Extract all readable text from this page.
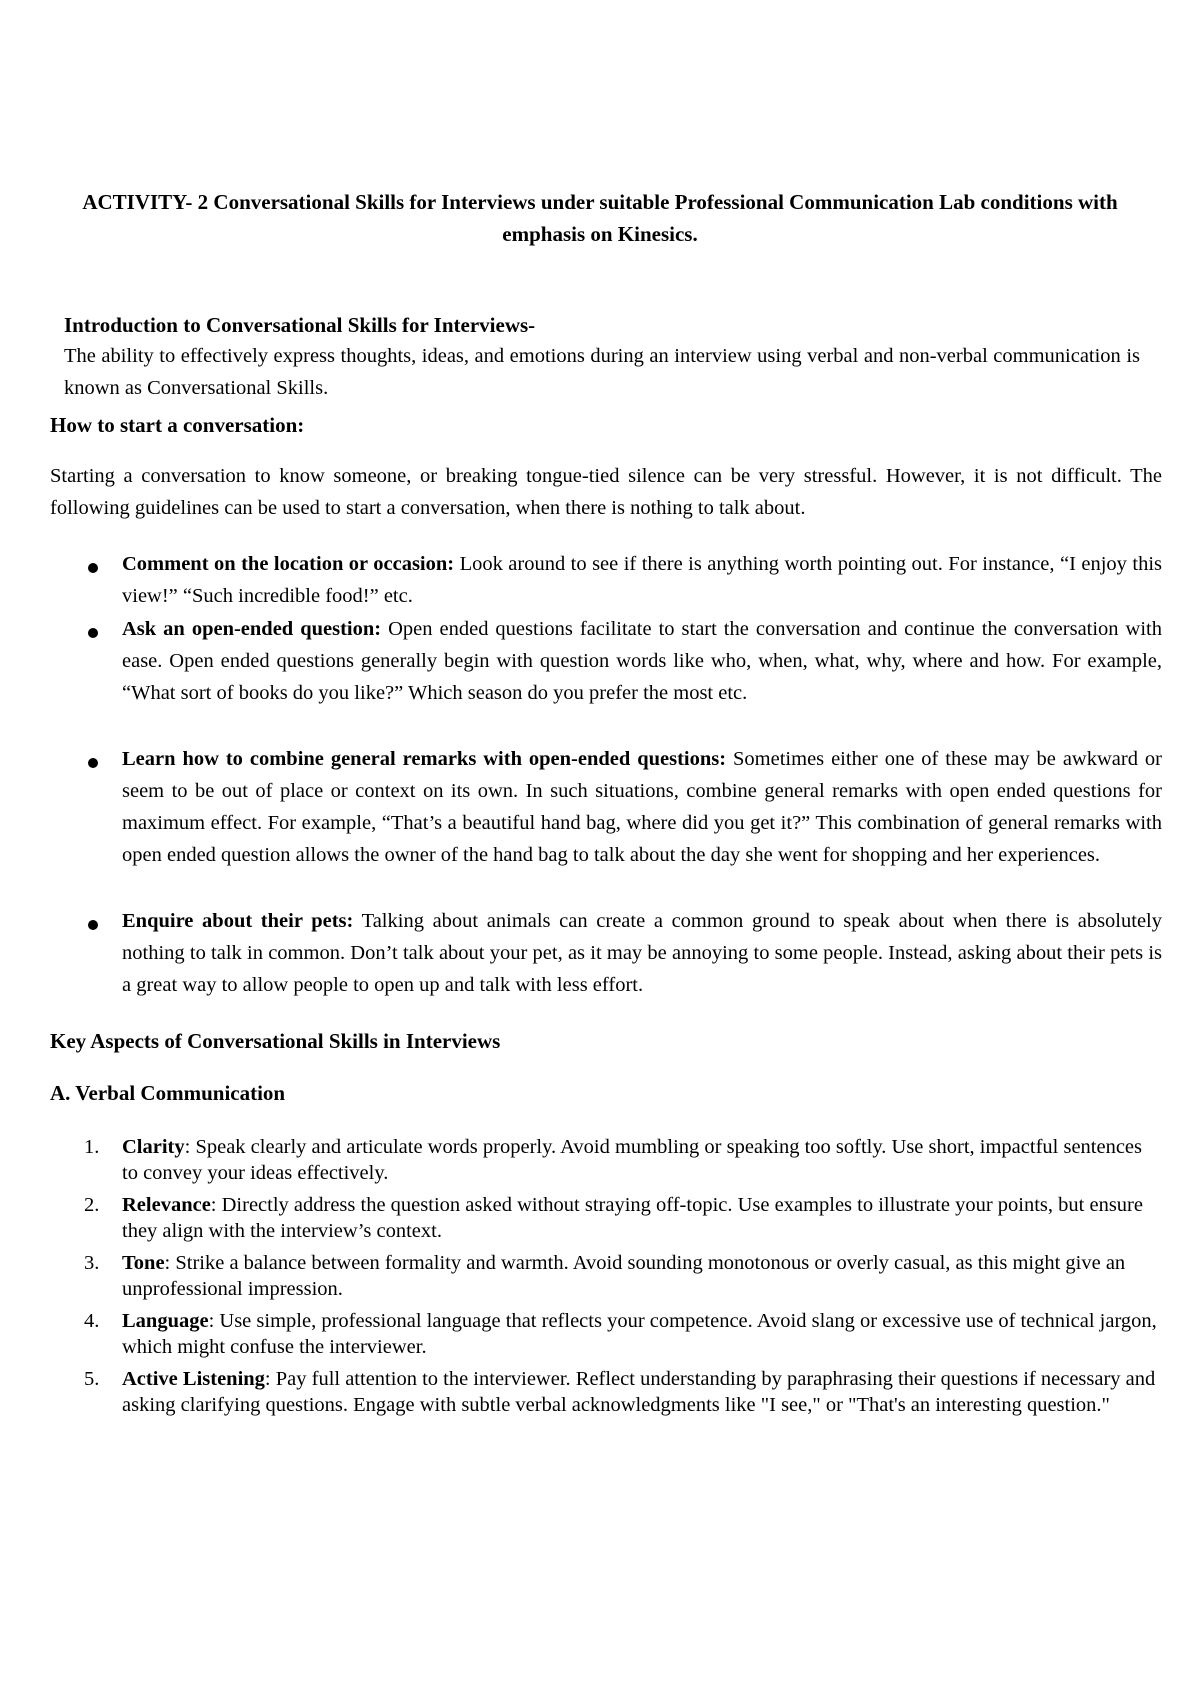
ACTIVITY- 2 Conversational Skills for Interviews under suitable Professional Communication Lab conditions with emphasis on Kinesics.
Introduction to Conversational Skills for Interviews-
The ability to effectively express thoughts, ideas, and emotions during an interview using verbal and non-verbal communication is known as Conversational Skills.
How to start a conversation:
Starting a conversation to know someone, or breaking tongue-tied silence can be very stressful. However, it is not difficult. The following guidelines can be used to start a conversation, when there is nothing to talk about.
Comment on the location or occasion: Look around to see if there is anything worth pointing out. For instance, “I enjoy this view!” “Such incredible food!” etc.
Ask an open-ended question: Open ended questions facilitate to start the conversation and continue the conversation with ease. Open ended questions generally begin with question words like who, when, what, why, where and how. For example, “What sort of books do you like?” Which season do you prefer the most etc.
Learn how to combine general remarks with open-ended questions: Sometimes either one of these may be awkward or seem to be out of place or context on its own. In such situations, combine general remarks with open ended questions for maximum effect. For example, “That’s a beautiful hand bag, where did you get it?” This combination of general remarks with open ended question allows the owner of the hand bag to talk about the day she went for shopping and her experiences.
Enquire about their pets: Talking about animals can create a common ground to speak about when there is absolutely nothing to talk in common. Don’t talk about your pet, as it may be annoying to some people. Instead, asking about their pets is a great way to allow people to open up and talk with less effort.
Key Aspects of Conversational Skills in Interviews
A. Verbal Communication
1. Clarity: Speak clearly and articulate words properly. Avoid mumbling or speaking too softly. Use short, impactful sentences to convey your ideas effectively.
2. Relevance: Directly address the question asked without straying off-topic. Use examples to illustrate your points, but ensure they align with the interview’s context.
3. Tone: Strike a balance between formality and warmth. Avoid sounding monotonous or overly casual, as this might give an unprofessional impression.
4. Language: Use simple, professional language that reflects your competence. Avoid slang or excessive use of technical jargon, which might confuse the interviewer.
5. Active Listening: Pay full attention to the interviewer. Reflect understanding by paraphrasing their questions if necessary and asking clarifying questions. Engage with subtle verbal acknowledgments like "I see," or "That's an interesting question."
